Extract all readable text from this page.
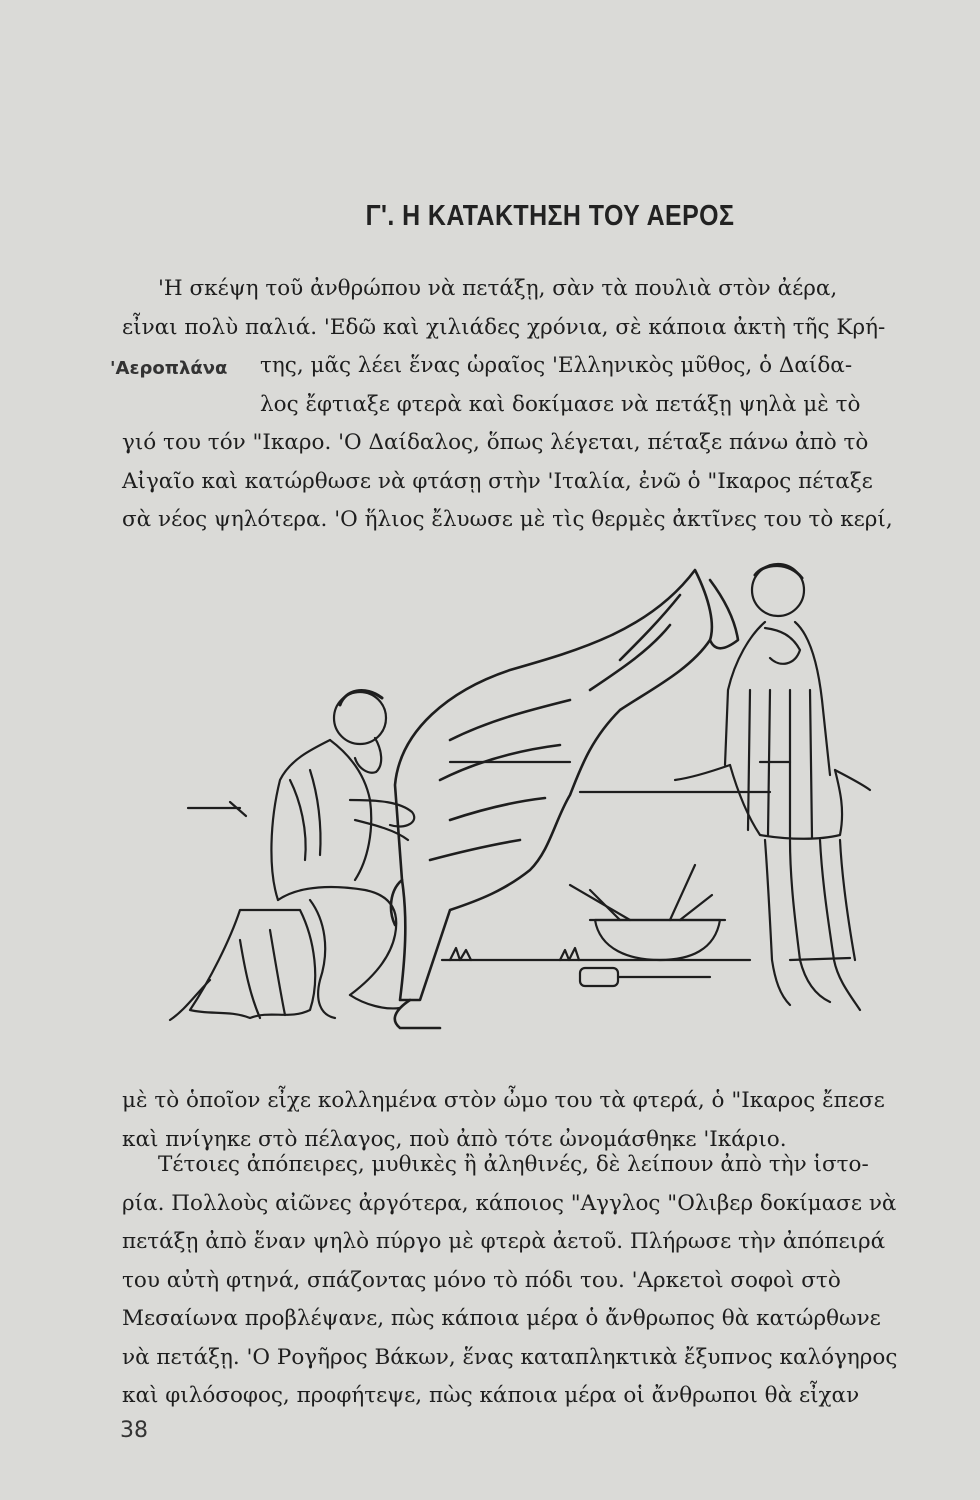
Γ'. Η ΚΑΤΑΚΤΗΣΗ ΤΟΥ ΑΕΡΟΣ
'Αεροπλάνα
'Η σκέψη τοῦ ἀνθρώπου νὰ πετάξῃ, σὰν τὰ πουλιὰ στὸν ἀέρα,
εἶναι πολὺ παλιά. 'Εδῶ καὶ χιλιάδες χρόνια, σὲ κάποια ἀκτὴ τῆς Κρή-
της, μᾶς λέει ἕνας ὡραῖος 'Ελληνικὸς μῦθος, ὁ Δαίδα-
λος ἔφτιαξε φτερὰ καὶ δοκίμασε νὰ πετάξῃ ψηλὰ μὲ τὸ
γιό του τόν "Ικαρο. 'Ο Δαίδαλος, ὅπως λέγεται, πέταξε πάνω ἀπὸ τὸ
Αἰγαῖο καὶ κατώρθωσε νὰ φτάσῃ στὴν 'Ιταλία, ἐνῶ ὁ "Ικαρος πέταξε
σὰ νέος ψηλότερα. 'Ο ἥλιος ἔλυωσε μὲ τὶς θερμὲς ἀκτῖνες του τὸ κερί,
μὲ τὸ ὁποῖον εἶχε κολλημένα στὸν ὦμο του τὰ φτερά, ὁ "Ικαρος ἔπεσε
καὶ πνίγηκε στὸ πέλαγος, ποὺ ἀπὸ τότε ὠνομάσθηκε 'Ικάριο.
Τέτοιες ἀπόπειρες, μυθικὲς ἢ ἀληθινές, δὲ λείπουν ἀπὸ τὴν ἱστο-
ρία. Πολλοὺς αἰῶνες ἀργότερα, κάποιος "Αγγλος "Ολιβερ δοκίμασε νὰ
πετάξῃ ἀπὸ ἕναν ψηλὸ πύργο μὲ φτερὰ ἀετοῦ. Πλήρωσε τὴν ἀπόπειρά
του αὐτὴ φτηνά, σπάζοντας μόνο τὸ πόδι του. 'Αρκετοὶ σοφοὶ στὸ
Μεσαίωνα προβλέψανε, πὼς κάποια μέρα ὁ ἄνθρωπος θὰ κατώρθωνε
νὰ πετάξῃ. 'Ο Ρογῆρος Βάκων, ἕνας καταπληκτικὰ ἔξυπνος καλόγηρος
καὶ φιλόσοφος, προφήτεψε, πὼς κάποια μέρα οἱ ἄνθρωποι θὰ εἶχαν
38
